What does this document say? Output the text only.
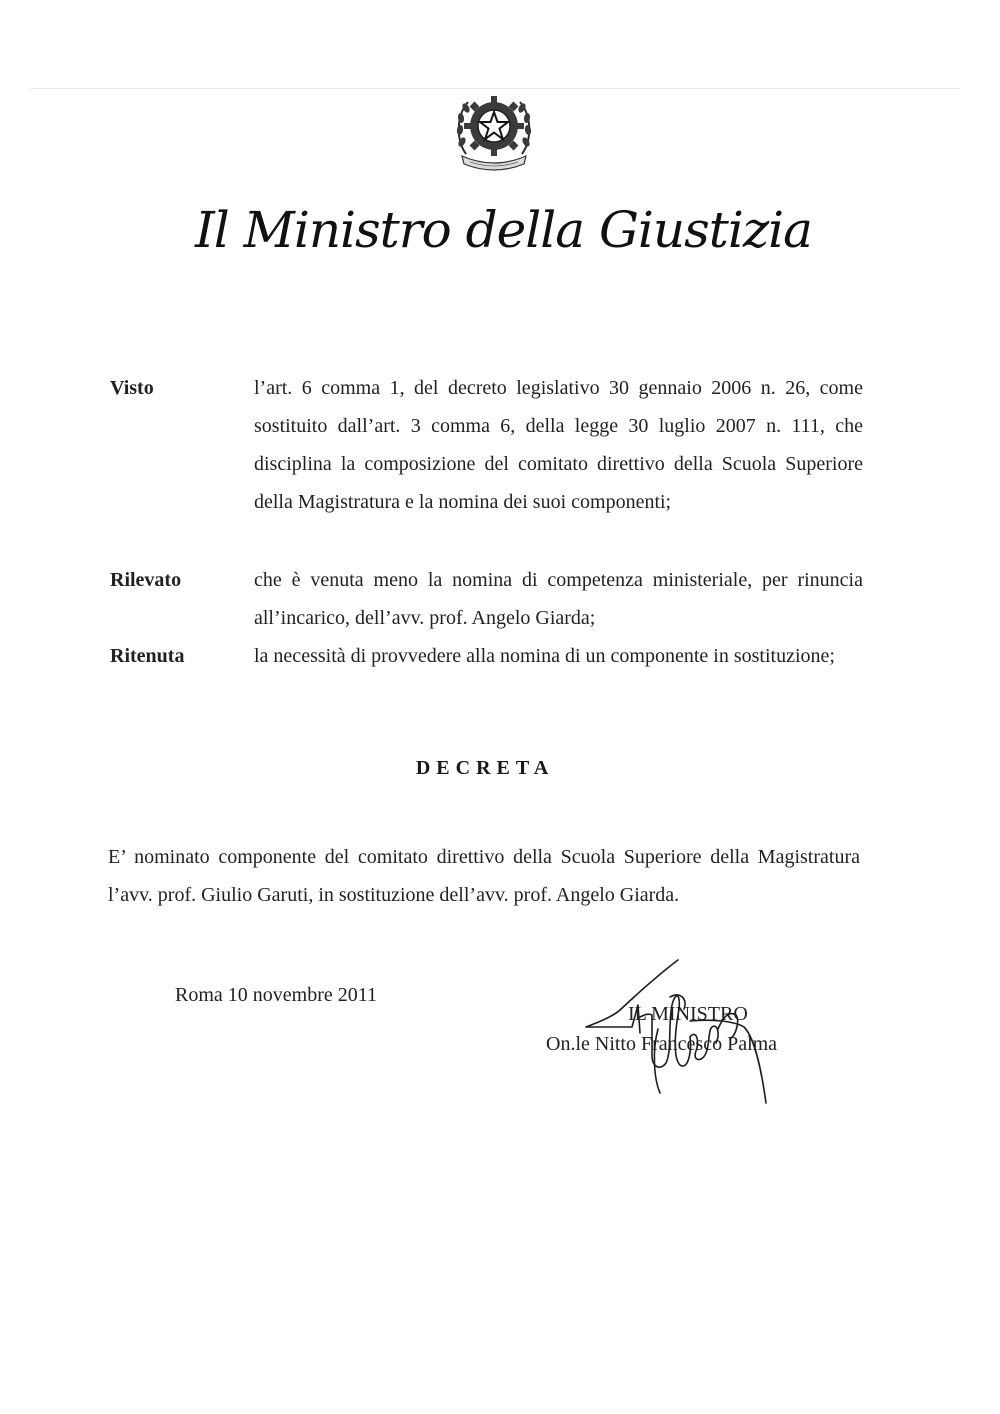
Il Ministro della Giustizia
Visto	l’art. 6 comma 1, del decreto legislativo 30 gennaio 2006 n. 26, come sostituito dall’art. 3 comma 6, della legge 30 luglio 2007 n. 111, che disciplina la composizione del comitato direttivo della Scuola Superiore della Magistratura e la nomina dei suoi componenti;
Rilevato	che è venuta meno la nomina di competenza ministeriale, per rinuncia all’incarico, dell’avv. prof. Angelo Giarda;
Ritenuta	la necessità di provvedere alla nomina di un componente in sostituzione;
DECRETA
E’ nominato componente del comitato direttivo della Scuola Superiore della Magistratura l’avv. prof. Giulio Garuti, in sostituzione dell’avv. prof. Angelo Giarda.
Roma 10 novembre 2011
IL MINISTRO
On.le Nitto Francesco Palma
